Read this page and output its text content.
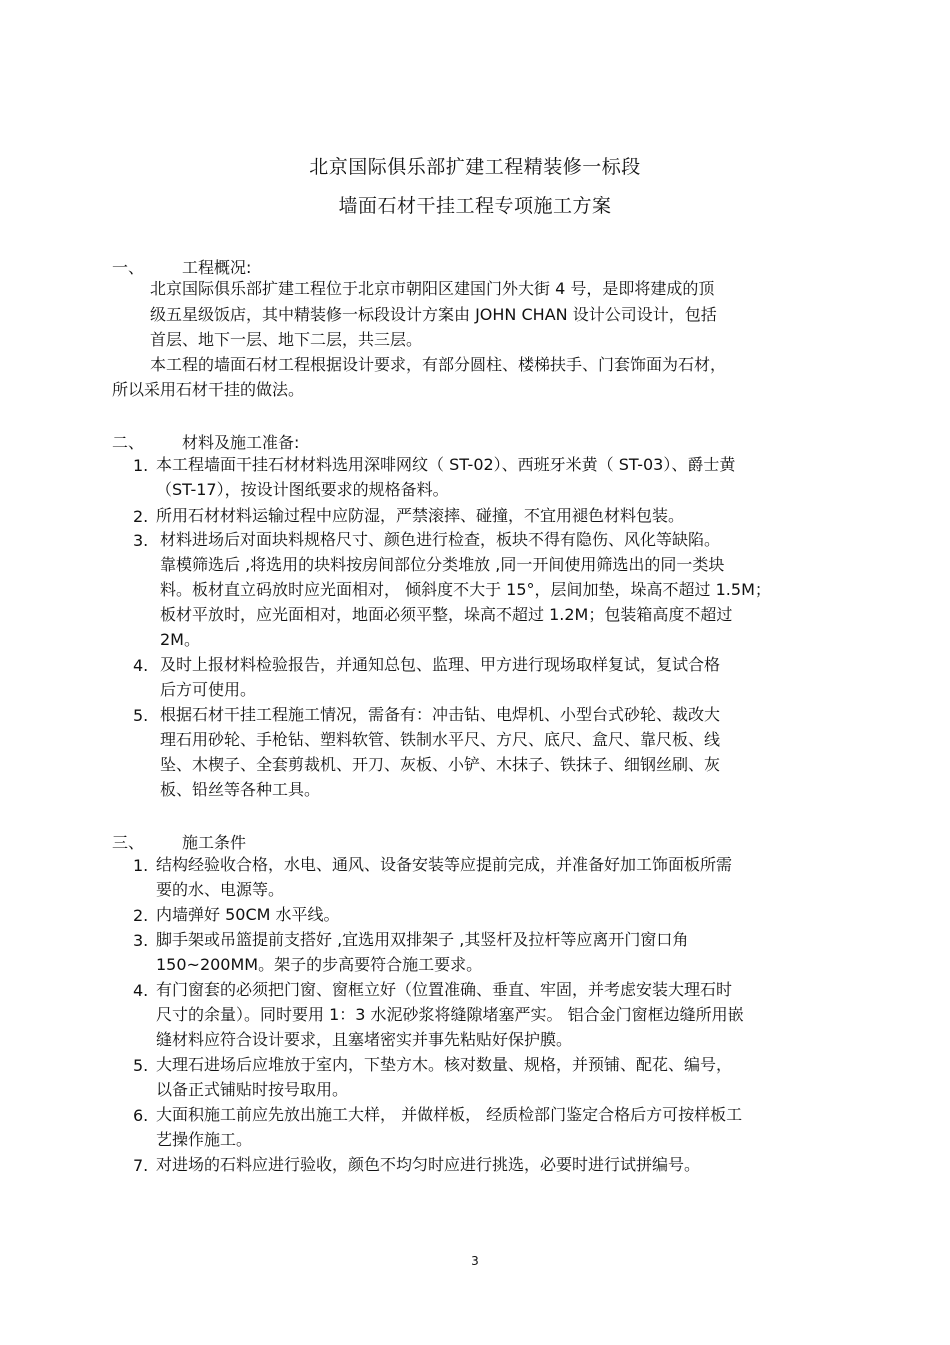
北京国际俱乐部扩建工程精装修一标段
墙面石材干挂工程专项施工方案
一、 工程概况:
北京国际俱乐部扩建工程位于北京市朝阳区建国门外大街 4 号，是即将建成的顶
级五星级饭店，其中精装修一标段设计方案由 JOHN CHAN 设计公司设计，包括
首层、地下一层、地下二层，共三层。
本工程的墙面石材工程根据设计要求，有部分圆柱、楼梯扶手、门套饰面为石材，
所以采用石材干挂的做法。
二、 材料及施工准备:
1. 本工程墙面干挂石材材料选用深啡网纹（ ST-02）、西班牙米黄（ ST-03）、爵士黄
（ST-17），按设计图纸要求的规格备料。
2. 所用石材材料运输过程中应防湿，严禁滚摔、碰撞，不宜用褪色材料包装。
3. 材料进场后对面块料规格尺寸、颜色进行检查，板块不得有隐伤、风化等缺陷。
靠模筛选后 ,将选用的块料按房间部位分类堆放 ,同一开间使用筛选出的同一类块
料。板材直立码放时应光面相对， 倾斜度不大于 15°，层间加垫，垛高不超过 1.5M；
板材平放时，应光面相对，地面必须平整，垛高不超过 1.2M；包装箱高度不超过
2M。
4. 及时上报材料检验报告，并通知总包、监理、甲方进行现场取样复试，复试合格
后方可使用。
5. 根据石材干挂工程施工情况，需备有：冲击钻、电焊机、小型台式砂轮、裁改大
理石用砂轮、手枪钻、塑料软管、铁制水平尺、方尺、底尺、盒尺、靠尺板、线
坠、木楔子、全套剪裁机、开刀、灰板、小铲、木抹子、铁抹子、细钢丝刷、灰
板、铅丝等各种工具。
三、 施工条件
1. 结构经验收合格，水电、通风、设备安装等应提前完成，并准备好加工饰面板所需
要的水、电源等。
2. 内墙弹好 50CM 水平线。
3. 脚手架或吊篮提前支搭好 ,宜选用双排架子 ,其竖杆及拉杆等应离开门窗口角
150~200MM。架子的步高要符合施工要求。
4. 有门窗套的必须把门窗、窗框立好（位置准确、垂直、牢固，并考虑安装大理石时
尺寸的余量）。同时要用 1：3 水泥砂浆将缝隙堵塞严实。 铝合金门窗框边缝所用嵌
缝材料应符合设计要求，且塞堵密实并事先粘贴好保护膜。
5. 大理石进场后应堆放于室内，下垫方木。核对数量、规格，并预铺、配花、编号，
以备正式铺贴时按号取用。
6. 大面积施工前应先放出施工大样， 并做样板， 经质检部门鉴定合格后方可按样板工
艺操作施工。
7. 对进场的石料应进行验收，颜色不均匀时应进行挑选，必要时进行试拼编号。
3
